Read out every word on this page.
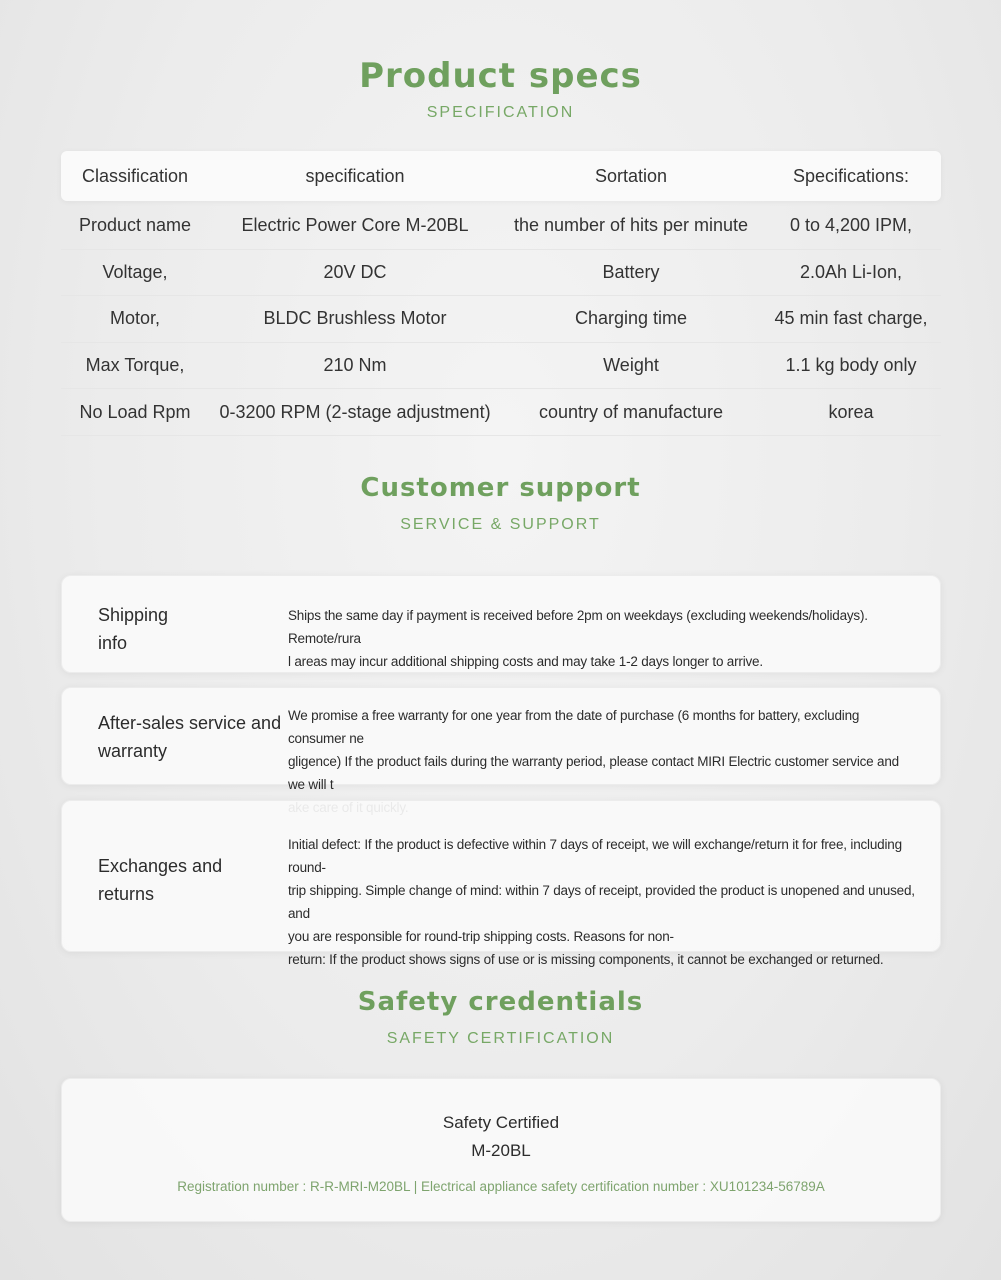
Product specs
SPECIFICATION
Classification	specification	Sortation	Specifications:
Product name	Electric Power Core M-20BL	the number of hits per minute	0 to 4,200 IPM,
Voltage,	20V DC	Battery	2.0Ah Li-Ion,
Motor,	BLDC Brushless Motor	Charging time	45 min fast charge,
Max Torque,	210 Nm	Weight	1.1 kg body only
No Load Rpm	0-3200 RPM (2-stage adjustment)	country of manufacture	korea
Customer support
SERVICE & SUPPORT
Shipping
info
Ships the same day if payment is received before 2pm on weekdays (excluding weekends/holidays). Remote/rura
l areas may incur additional shipping costs and may take 1-2 days longer to arrive.
After-sales service and
warranty
We promise a free warranty for one year from the date of purchase (6 months for battery, excluding consumer ne
gligence) If the product fails during the warranty period, please contact MIRI Electric customer service and we will t
Exchanges and
returns
Initial defect: If the product is defective within 7 days of receipt, we will exchange/return it for free, including round-
trip shipping. Simple change of mind: within 7 days of receipt, provided the product is unopened and unused, and
you are responsible for round-trip shipping costs. Reasons for non-
return: If the product shows signs of use or is missing components, it cannot be exchanged or returned.
Safety credentials
SAFETY CERTIFICATION
Safety Certified
M-20BL
Registration number : R-R-MRI-M20BL | Electrical appliance safety certification number : XU101234-56789A
